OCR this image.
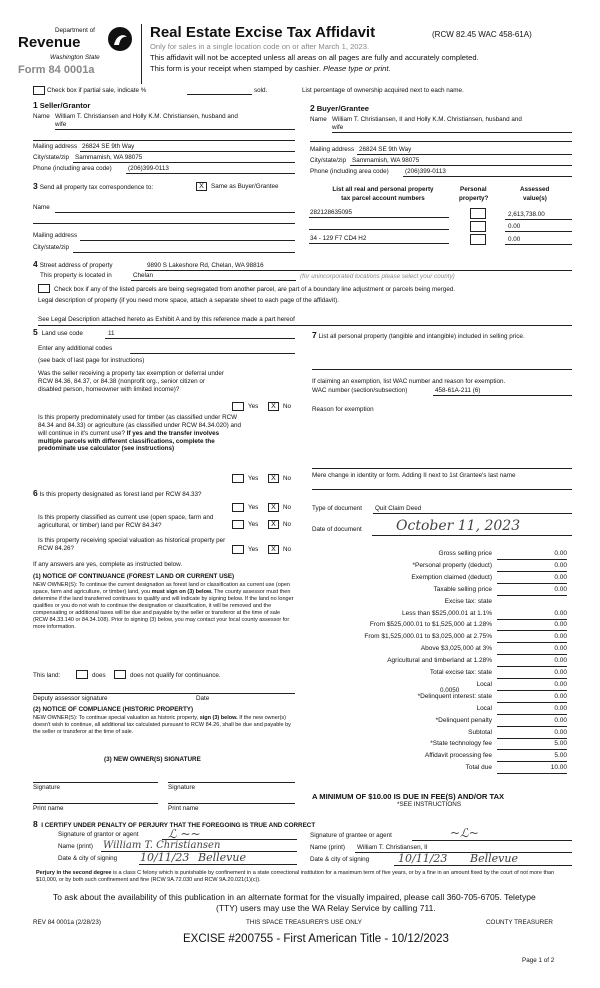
Department of
Revenue
Washington State
Form 84 0001a
Real Estate Excise Tax Affidavit	(RCW 82.45 WAC 458-61A)
Only for sales in a single location code on or after March 1, 2023.
This affidavit will not be accepted unless all areas on all pages are fully and accurately completed.
This form is your receipt when stamped by cashier. Please type or print.
Check box if partial sale, indicate %	sold.	List percentage of ownership acquired next to each name.
1 Seller/Grantor
Name William T. Christiansen and Holly K.M. Christiansen, husband and
wife
Mailing address 26824 SE 9th Way
City/state/zip Sammamish, WA 98075
Phone (including area code)	(206)399-0113
2 Buyer/Grantee
Name William T. Christiansen, II and Holly K.M. Christiansen, husband and
wife
Mailing address 26824 SE 9th Way
City/state/zip Sammamish, WA 98075
Phone (including area code)	(206)399-0113
3 Send all property tax correspondence to:	X	Same as Buyer/Grantee
Name
Mailing address
City/state/zip
List all real and personal property
tax parcel account numbers
Personal
property?
Assessed
value(s)
282128635095	2,613,738.00
0.00
34 - 129 F7 CD4 H2	0.00
4 Street address of property	9890 S Lakeshore Rd, Chelan, WA 98816
This property is located in	Chelan	(for unincorporated locations please select your county)
Check box if any of the listed parcels are being segregated from another parcel, are part of a boundary line adjustment or parcels being merged.
Legal description of property (if you need more space, attach a separate sheet to each page of the affidavit).
See Legal Description attached hereto as Exhibit A and by this reference made a part hereof
5 Land use code	11
Enter any additional codes
(see back of last page for instructions)
Was the seller receiving a property tax exemption or deferral under RCW 84.36, 84.37, or 84.38 (nonprofit org., senior citizen or disabled person, homeowner with limited income)?
Yes	X	No
Is this property predominately used for timber (as classified under RCW 84.34 and 84.33) or agriculture (as classified under RCW 84.34.020) and will continue in it's current use? If yes and the transfer involves multiple parcels with different classifications, complete the predominate use calculator (see instructions)
Yes	X	No
6 Is this property designated as forest land per RCW 84.33?
Yes	X	No
Is this property classified as current use (open space, farm and agricultural, or timber) land per RCW 84.34?	Yes	X	No
Is this property receiving special valuation as historical property per RCW 84.26?	Yes	X	No
If any answers are yes, complete as instructed below.
(1) NOTICE OF CONTINUANCE (FOREST LAND OR CURRENT USE)
NEW OWNER(S): To continue the current designation as forest land or classification as current use (open space, farm and agriculture, or timber) land, you must sign on (3) below. The county assessor must then determine if the land transferred continues to qualify and will indicate by signing below. If the land no longer qualifies or you do not wish to continue the designation or classification, it will be removed and the compensating or additional taxes will be due and payable by the seller or transferor at the time of sale (RCW 84.33.140 or 84.34.108). Prior to signing (3) below, you may contact your local county assessor for more information.
This land:	does	does not qualify for continuance.
Deputy assessor signature	Date
(2) NOTICE OF COMPLIANCE (HISTORIC PROPERTY)
NEW OWNER(S): To continue special valuation as historic property, sign (3) below. If the new owner(s) doesn't wish to continue, all additional tax calculated pursuant to RCW 84.26, shall be due and payable by the seller or transferor at the time of sale.
(3) NEW OWNER(S) SIGNATURE
Signature	Signature
Print name	Print name
7 List all personal property (tangible and intangible) included in selling price.
If claiming an exemption, list WAC number and reason for exemption.
WAC number (section/subsection)	458-61A-211 (6)
Reason for exemption
Mere change in identity or form. Adding II next to 1st Grantee's last name
Type of document Quit Claim Deed
Date of document October 11, 2023
Gross selling price	0.00
*Personal property (deduct)	0.00
Exemption claimed (deduct)	0.00
Taxable selling price	0.00
Excise tax: state
Less than $525,000.01 at 1.1%	0.00
From $525,000.01 to $1,525,000 at 1.28%	0.00
From $1,525,000.01 to $3,025,000 at 2.75%	0.00
Above $3,025,000 at 3%	0.00
Agricultural and timberland at 1.28%	0.00
Total excise tax: state	0.00
Local	0.00
*Delinquent interest: state	0.00
Local	0.00
*Delinquent penalty	0.00
Subtotal	0.00
*State technology fee	5.00
Affidavit processing fee	5.00
Total due	10.00
0.0050
A MINIMUM OF $10.00 IS DUE IN FEE(S) AND/OR TAX
*SEE INSTRUCTIONS
8 I CERTIFY UNDER PENALTY OF PERJURY THAT THE FOREGOING IS TRUE AND CORRECT
Signature of grantor or agent ℒ ~~
Name (print) William T. Christiansen
Date & city of signing 10/11/23 Bellevue
Signature of grantee or agent	~ℒ~
Name (print) William T. Christiansen, II
Date & city of signing	10/11/23 Bellevue
Perjury in the second degree is a class C felony which is punishable by confinement in a state correctional institution for a maximum term of five years, or by a fine in an amount fixed by the court of not more than $10,000, or by both such confinement and fine (RCW 9A.72.030 and RCW 9A.20.021(1)(c)).
To ask about the availability of this publication in an alternate format for the visually impaired, please call 360-705-6705. Teletype
(TTY) users may use the WA Relay Service by calling 711.
REV 84 0001a (2/28/23)	THIS SPACE TREASURER'S USE ONLY	COUNTY TREASURER
EXCISE #200755 - First American Title - 10/12/2023
Page 1 of 2
